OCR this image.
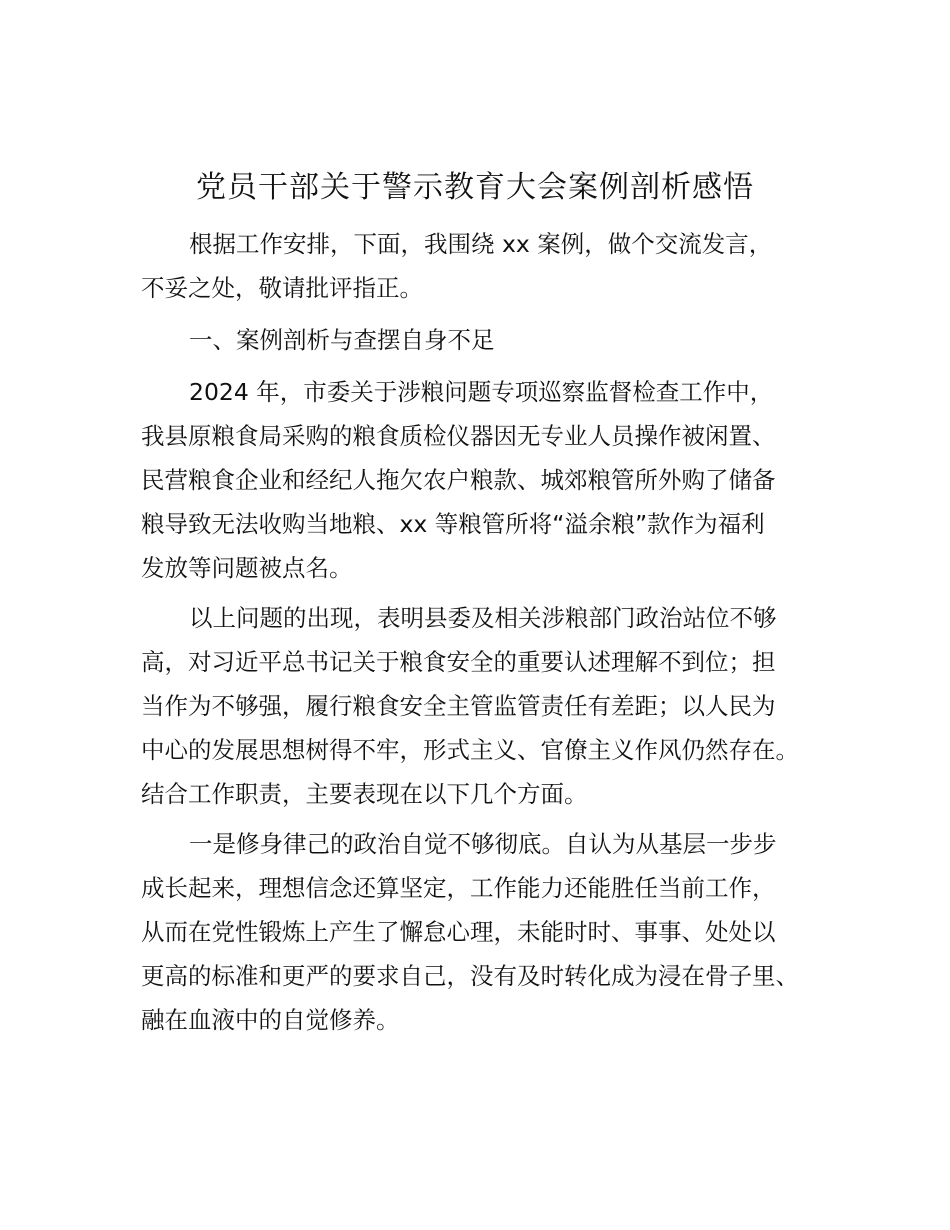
党员干部关于警示教育大会案例剖析感悟
根据工作安排，下面，我围绕 xx 案例，做个交流发言，
不妥之处，敬请批评指正。
一、案例剖析与查摆自身不足
2024 年，市委关于涉粮问题专项巡察监督检查工作中，
我县原粮食局采购的粮食质检仪器因无专业人员操作被闲置、
民营粮食企业和经纪人拖欠农户粮款、城郊粮管所外购了储备
粮导致无法收购当地粮、xx 等粮管所将“溢余粮”款作为福利
发放等问题被点名。
以上问题的出现，表明县委及相关涉粮部门政治站位不够
高，对习近平总书记关于粮食安全的重要认述理解不到位；担
当作为不够强，履行粮食安全主管监管责任有差距；以人民为
中心的发展思想树得不牢，形式主义、官僚主义作风仍然存在。
结合工作职责，主要表现在以下几个方面。
一是修身律己的政治自觉不够彻底。自认为从基层一步步
成长起来，理想信念还算坚定，工作能力还能胜任当前工作，
从而在党性锻炼上产生了懈怠心理，未能时时、事事、处处以
更高的标准和更严的要求自己，没有及时转化成为浸在骨子里、
融在血液中的自觉修养。
